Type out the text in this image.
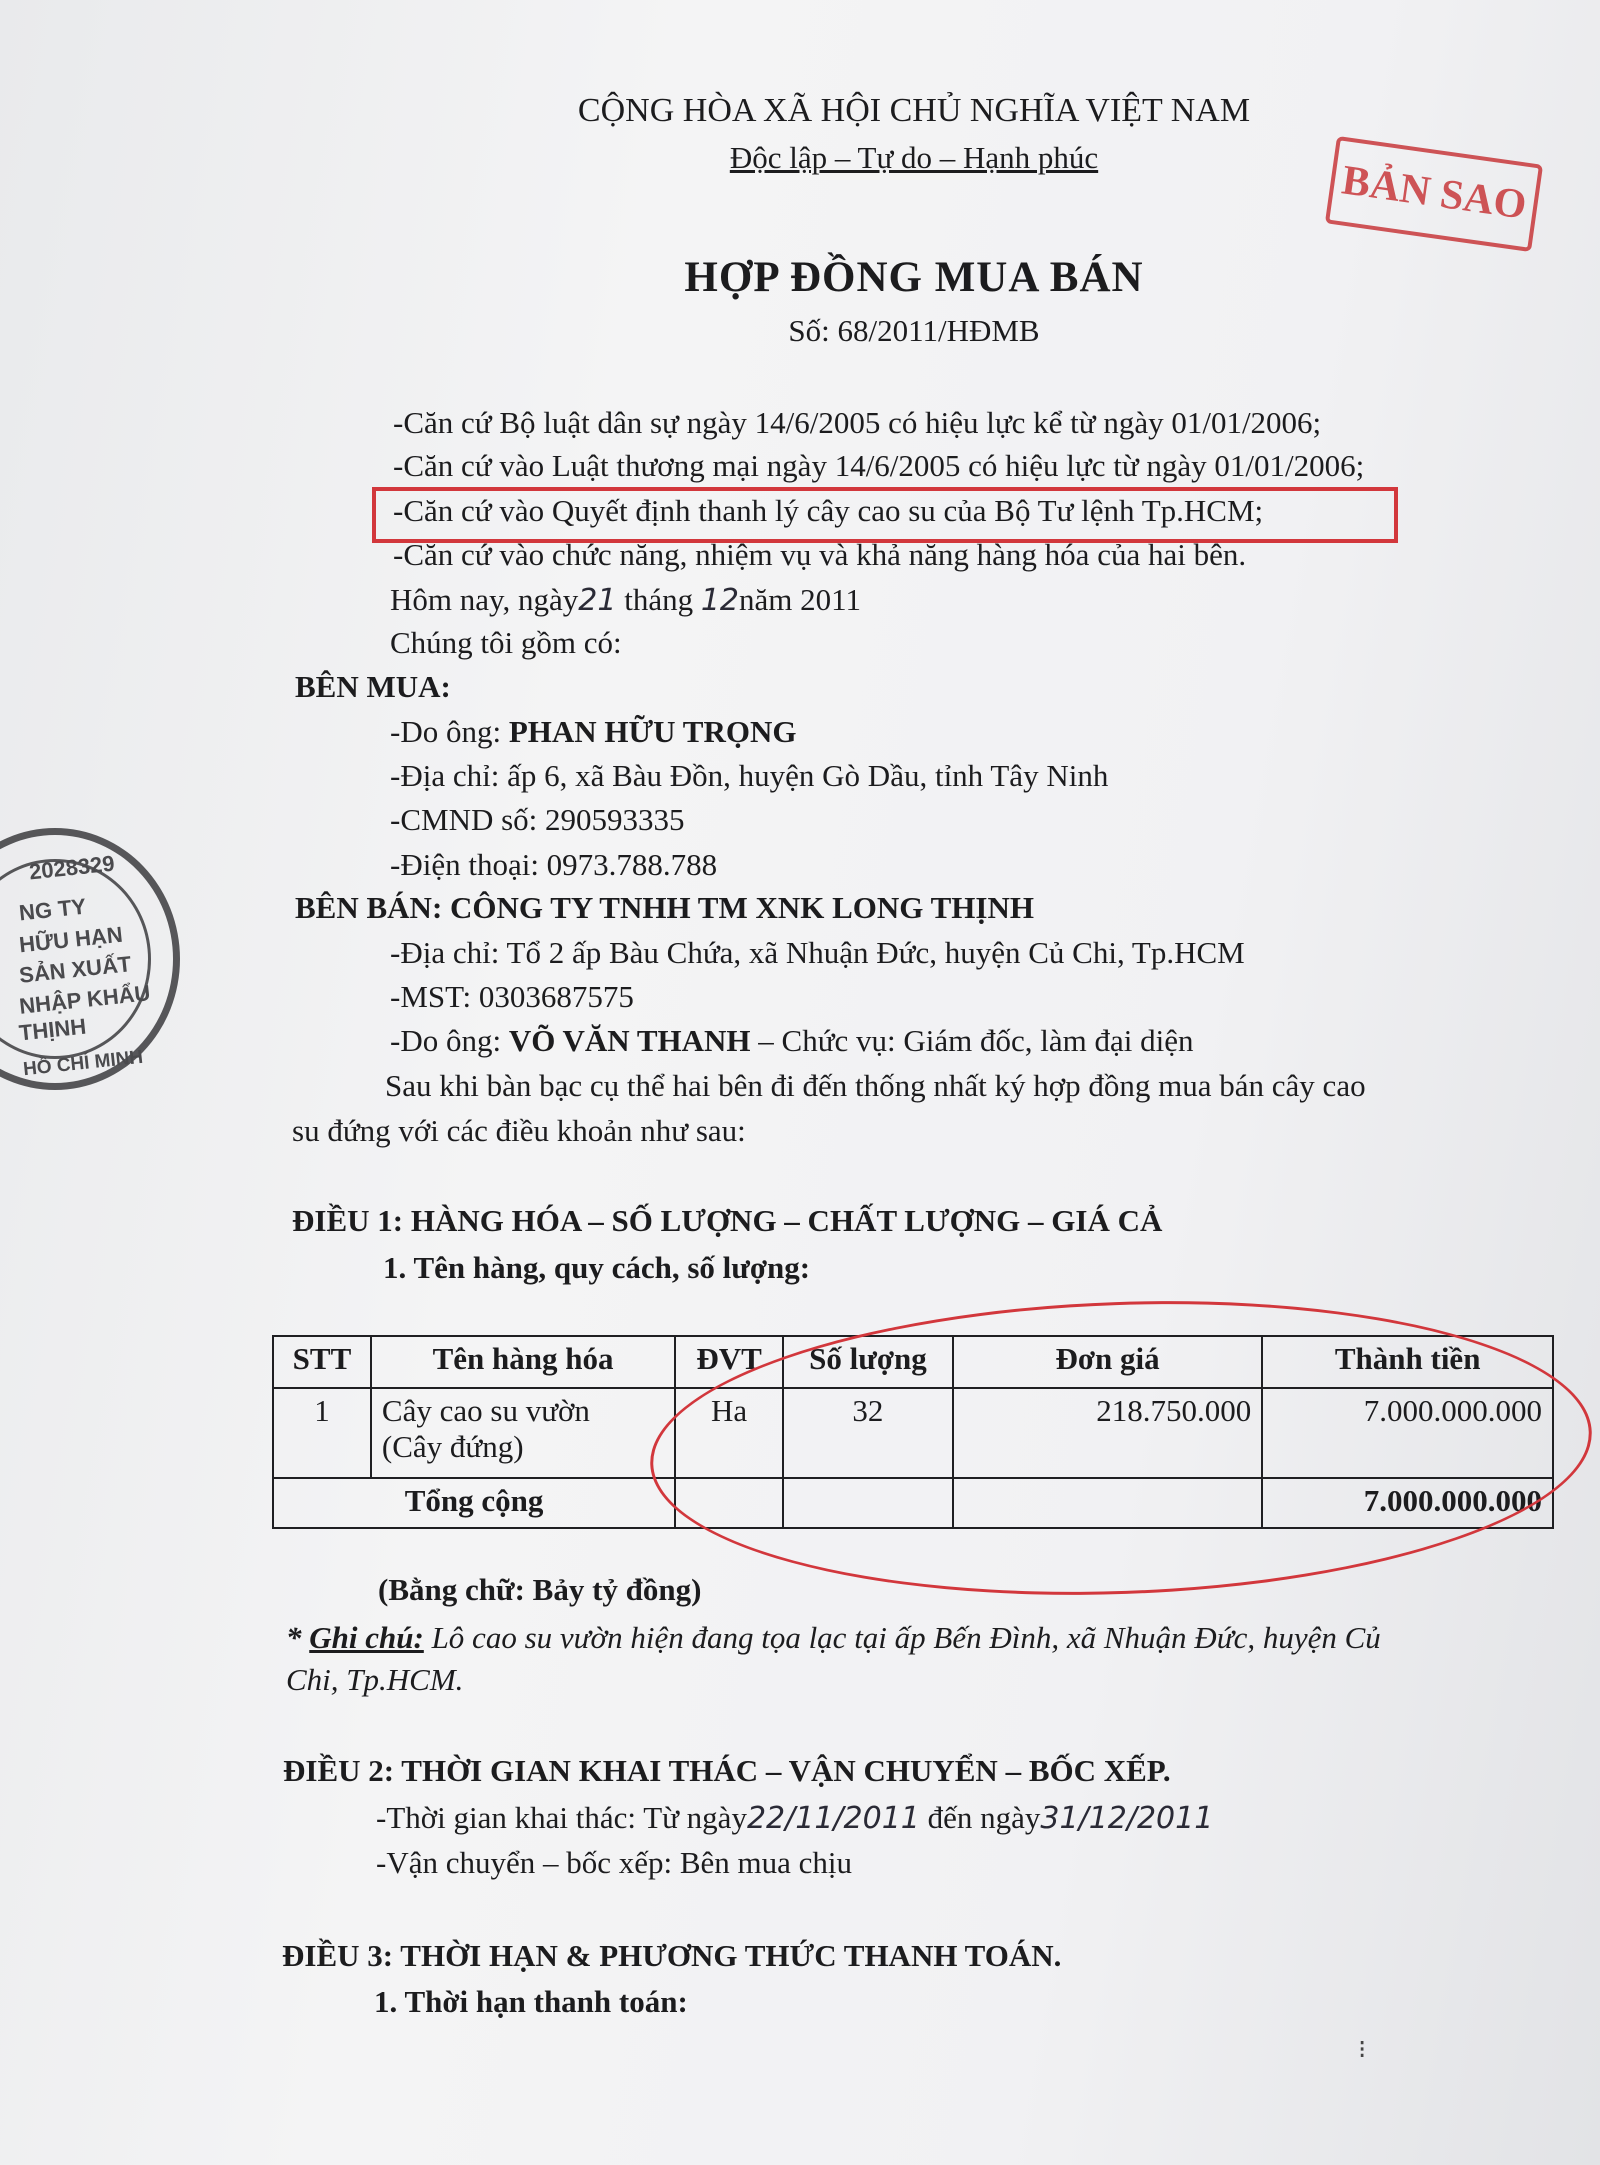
CỘNG HÒA XÃ HỘI CHỦ NGHĨA VIỆT NAM
Độc lập – Tự do – Hạnh phúc	BẢN SAO
HỢP ĐỒNG MUA BÁN
Số: 68/2011/HĐMB
-Căn cứ Bộ luật dân sự ngày 14/6/2005 có hiệu lực kể từ ngày 01/01/2006;
-Căn cứ vào Luật thương mại ngày 14/6/2005 có hiệu lực từ ngày 01/01/2006;
-Căn cứ vào Quyết định thanh lý cây cao su của Bộ Tư lệnh Tp.HCM;
-Căn cứ vào chức năng, nhiệm vụ và khả năng hàng hóa của hai bên.
Hôm nay, ngày21 tháng 12năm 2011
Chúng tôi gồm có:
BÊN MUA:
-Do ông: PHAN HỮU TRỌNG
-Địa chỉ: ấp 6, xã Bàu Đồn, huyện Gò Dầu, tỉnh Tây Ninh
-CMND số: 290593335
-Điện thoại: 0973.788.788
BÊN BÁN: CÔNG TY TNHH TM XNK LONG THỊNH
-Địa chỉ: Tổ 2 ấp Bàu Chứa, xã Nhuận Đức, huyện Củ Chi, Tp.HCM
-MST: 0303687575
-Do ông: VÕ VĂN THANH – Chức vụ: Giám đốc, làm đại diện
Sau khi bàn bạc cụ thể hai bên đi đến thống nhất ký hợp đồng mua bán cây cao
su đứng với các điều khoản như sau:
ĐIỀU 1: HÀNG HÓA – SỐ LƯỢNG – CHẤT LƯỢNG – GIÁ CẢ
1. Tên hàng, quy cách, số lượng:
STT	Tên hàng hóa	ĐVT	Số lượng	Đơn giá	Thành tiền
1	Cây cao su vườn
(Cây đứng)	Ha	32	218.750.000	7.000.000.000
Tổng cộng					7.000.000.000
(Bằng chữ: Bảy tỷ đồng)
* Ghi chú: Lô cao su vườn hiện đang tọa lạc tại ấp Bến Đình, xã Nhuận Đức, huyện Củ
Chi, Tp.HCM.
ĐIỀU 2: THỜI GIAN KHAI THÁC – VẬN CHUYỂN – BỐC XẾP.
-Thời gian khai thác: Từ ngày22/11/2011 đến ngày31/12/2011
-Vận chuyển – bốc xếp: Bên mua chịu
ĐIỀU 3: THỜI HẠN & PHƯƠNG THỨC THANH TOÁN.
1. Thời hạn thanh toán:
2028329
NG TY
HỮU HẠN
SẢN XUẤT
NHẬP KHẨU
THỊNH
HỒ CHÍ MINH
⁝
